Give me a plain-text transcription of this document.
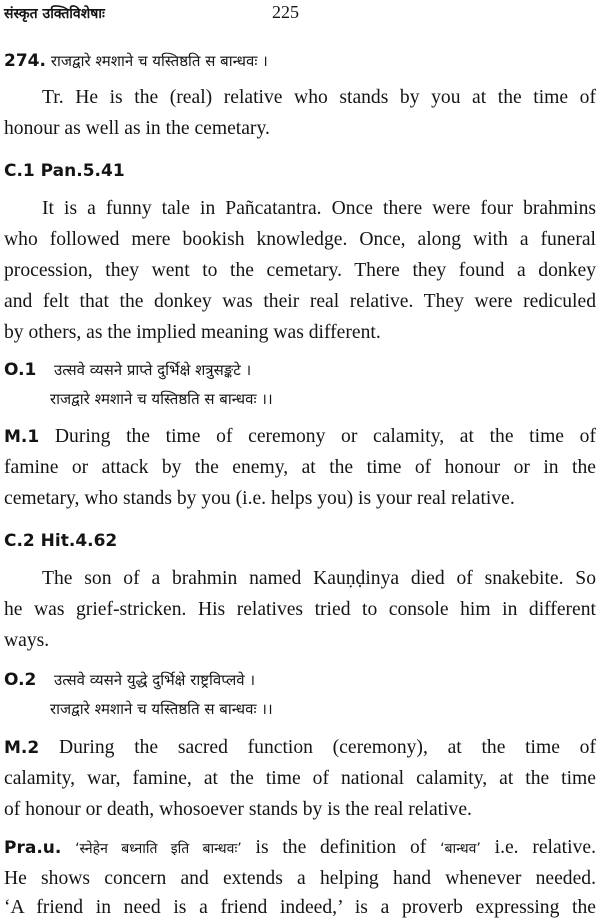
संस्कृत उक्तिविशेषाः	225
274. राजद्वारे श्मशाने च यस्तिष्ठति स बान्धवः ।
Tr. He is the (real) relative who stands by you at the time of
honour as well as in the cemetary.
C.1 Pan.5.41
It is a funny tale in Pañcatantra. Once there were four brahmins
who followed mere bookish knowledge. Once, along with a funeral
procession, they went to the cemetary. There they found a donkey
and felt that the donkey was their real relative. They were rediculed
by others, as the implied meaning was different.
O.1 उत्सवे व्यसने प्राप्ते दुर्भिक्षे शत्रुसङ्कटे ।
राजद्वारे श्मशाने च यस्तिष्ठति स बान्धवः ।।
M.1 During the time of ceremony or calamity, at the time of
famine or attack by the enemy, at the time of honour or in the
cemetary, who stands by you (i.e. helps you) is your real relative.
C.2 Hit.4.62
The son of a brahmin named Kauṇḍinya died of snakebite. So
he was grief-stricken. His relatives tried to console him in different
ways.
O.2 उत्सवे व्यसने युद्धे दुर्भिक्षे राष्ट्रविप्लवे ।
राजद्वारे श्मशाने च यस्तिष्ठति स बान्धवः ।।
M.2 During the sacred function (ceremony), at the time of
calamity, war, famine, at the time of national calamity, at the time
of honour or death, whosoever stands by is the real relative.
Pra.u. ‘स्नेहेन बध्नाति इति बान्धवः’ is the definition of ‘बान्धव’ i.e. relative.
He shows concern and extends a helping hand whenever needed.
‘A friend in need is a friend indeed,’ is a proverb expressing the
